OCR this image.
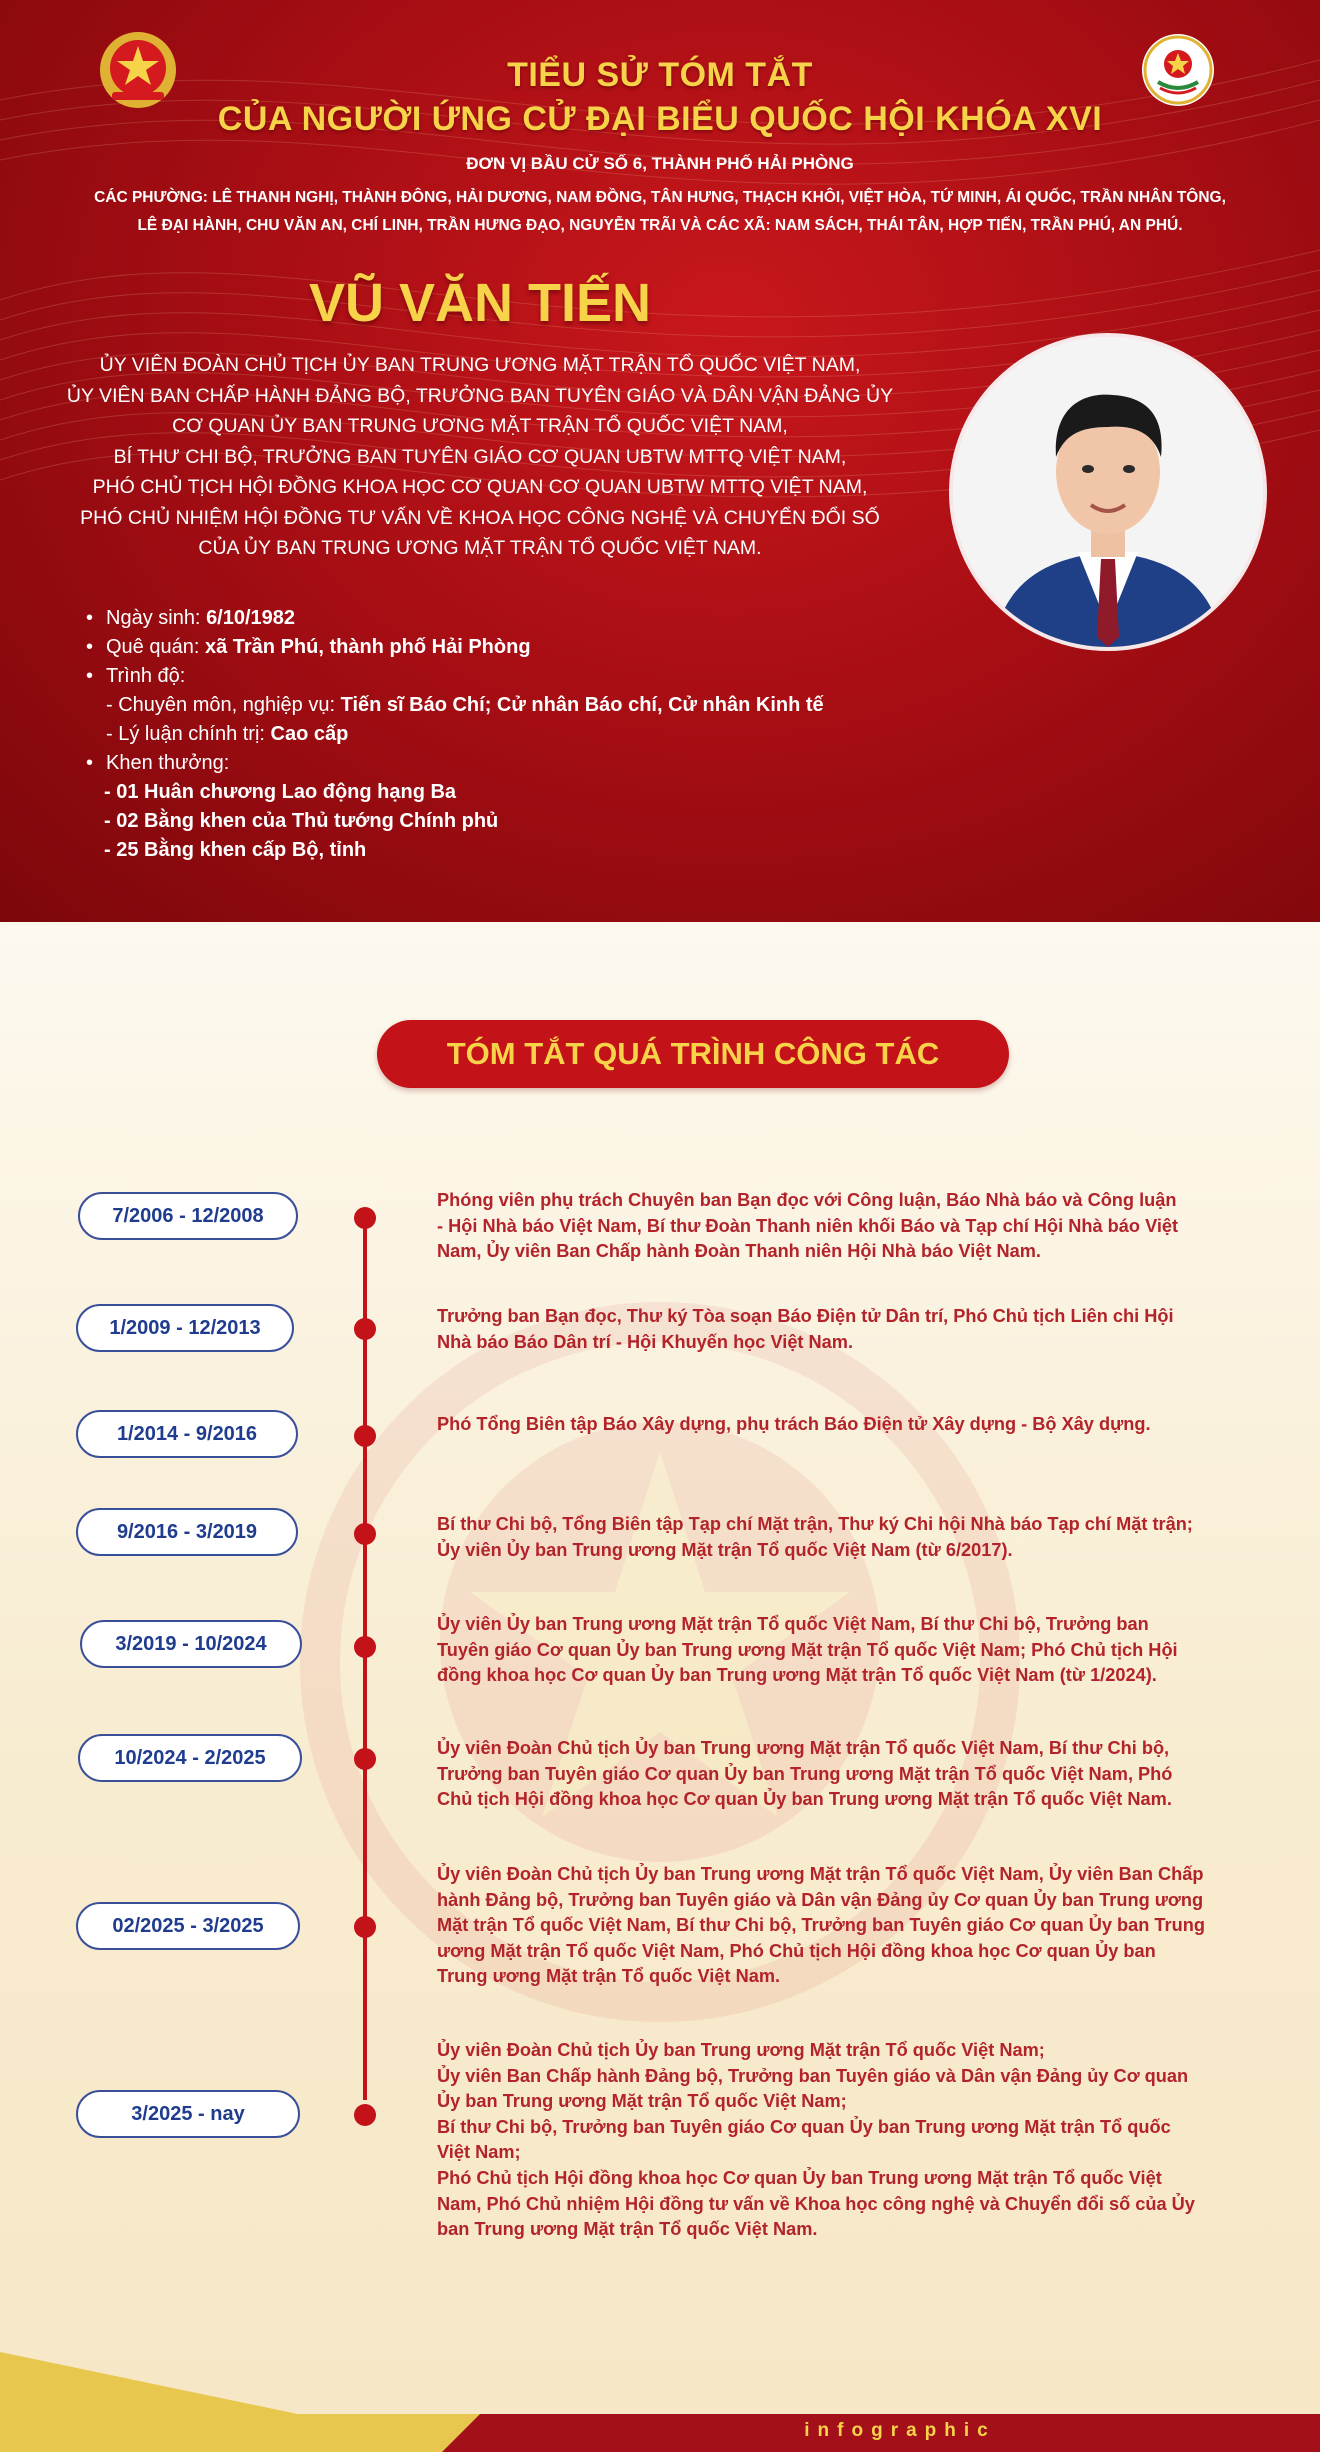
TIỂU SỬ TÓM TẮT
CỦA NGƯỜI ỨNG CỬ ĐẠI BIỂU QUỐC HỘI KHÓA XVI
ĐƠN VỊ BẦU CỬ SỐ 6, THÀNH PHỐ HẢI PHÒNG
CÁC PHƯỜNG: LÊ THANH NGHỊ, THÀNH ĐÔNG, HẢI DƯƠNG, NAM ĐỒNG, TÂN HƯNG, THẠCH KHÔI, VIỆT HÒA, TỨ MINH, ÁI QUỐC, TRẦN NHÂN TÔNG,
LÊ ĐẠI HÀNH, CHU VĂN AN, CHÍ LINH, TRẦN HƯNG ĐẠO, NGUYỄN TRÃI VÀ CÁC XÃ: NAM SÁCH, THÁI TÂN, HỢP TIẾN, TRẦN PHÚ, AN PHÚ.
VŨ VĂN TIẾN
ỦY VIÊN ĐOÀN CHỦ TỊCH ỦY BAN TRUNG ƯƠNG MẶT TRẬN TỔ QUỐC VIỆT NAM,
ỦY VIÊN BAN CHẤP HÀNH ĐẢNG BỘ, TRƯỞNG BAN TUYÊN GIÁO VÀ DÂN VẬN ĐẢNG ỦY
CƠ QUAN ỦY BAN TRUNG ƯƠNG MẶT TRẬN TỔ QUỐC VIỆT NAM,
BÍ THƯ CHI BỘ, TRƯỞNG BAN TUYÊN GIÁO CƠ QUAN UBTW MTTQ VIỆT NAM,
PHÓ CHỦ TỊCH HỘI ĐỒNG KHOA HỌC CƠ QUAN CƠ QUAN UBTW MTTQ VIỆT NAM,
PHÓ CHỦ NHIỆM HỘI ĐỒNG TƯ VẤN VỀ KHOA HỌC CÔNG NGHỆ VÀ CHUYỂN ĐỔI SỐ
CỦA ỦY BAN TRUNG ƯƠNG MẶT TRẬN TỔ QUỐC VIỆT NAM.
• Ngày sinh: 6/10/1982
• Quê quán: xã Trần Phú, thành phố Hải Phòng
• Trình độ:
- Chuyên môn, nghiệp vụ: Tiến sĩ Báo Chí; Cử nhân Báo chí, Cử nhân Kinh tế
- Lý luận chính trị: Cao cấp
• Khen thưởng:
- 01 Huân chương Lao động hạng Ba
- 02 Bằng khen của Thủ tướng Chính phủ
- 25 Bằng khen cấp Bộ, tỉnh
TÓM TẮT QUÁ TRÌNH CÔNG TÁC
7/2006 - 12/2008
Phóng viên phụ trách Chuyên ban Bạn đọc với Công luận, Báo Nhà báo và Công luận
- Hội Nhà báo Việt Nam, Bí thư Đoàn Thanh niên khối Báo và Tạp chí Hội Nhà báo Việt
Nam, Ủy viên Ban Chấp hành Đoàn Thanh niên Hội Nhà báo Việt Nam.
1/2009 - 12/2013
Trưởng ban Bạn đọc, Thư ký Tòa soạn Báo Điện tử Dân trí, Phó Chủ tịch Liên chi Hội
Nhà báo Báo Dân trí - Hội Khuyến học Việt Nam.
1/2014 - 9/2016	Phó Tổng Biên tập Báo Xây dựng, phụ trách Báo Điện tử Xây dựng - Bộ Xây dựng.
9/2016 - 3/2019	Bí thư Chi bộ, Tổng Biên tập Tạp chí Mặt trận, Thư ký Chi hội Nhà báo Tạp chí Mặt trận;
Ủy viên Ủy ban Trung ương Mặt trận Tổ quốc Việt Nam (từ 6/2017).
3/2019 - 10/2024
Ủy viên Ủy ban Trung ương Mặt trận Tổ quốc Việt Nam, Bí thư Chi bộ, Trưởng ban
Tuyên giáo Cơ quan Ủy ban Trung ương Mặt trận Tổ quốc Việt Nam; Phó Chủ tịch Hội
đồng khoa học Cơ quan Ủy ban Trung ương Mặt trận Tổ quốc Việt Nam (từ 1/2024).
10/2024 - 2/2025	Ủy viên Đoàn Chủ tịch Ủy ban Trung ương Mặt trận Tổ quốc Việt Nam, Bí thư Chi bộ,
Trưởng ban Tuyên giáo Cơ quan Ủy ban Trung ương Mặt trận Tổ quốc Việt Nam, Phó
Chủ tịch Hội đồng khoa học Cơ quan Ủy ban Trung ương Mặt trận Tổ quốc Việt Nam.
02/2025 - 3/2025
Ủy viên Đoàn Chủ tịch Ủy ban Trung ương Mặt trận Tổ quốc Việt Nam, Ủy viên Ban Chấp
hành Đảng bộ, Trưởng ban Tuyên giáo và Dân vận Đảng ủy Cơ quan Ủy ban Trung ương
Mặt trận Tổ quốc Việt Nam, Bí thư Chi bộ, Trưởng ban Tuyên giáo Cơ quan Ủy ban Trung
ương Mặt trận Tổ quốc Việt Nam, Phó Chủ tịch Hội đồng khoa học Cơ quan Ủy ban
Trung ương Mặt trận Tổ quốc Việt Nam.
3/2025 - nay
Ủy viên Đoàn Chủ tịch Ủy ban Trung ương Mặt trận Tổ quốc Việt Nam;
Ủy viên Ban Chấp hành Đảng bộ, Trưởng ban Tuyên giáo và Dân vận Đảng ủy Cơ quan
Ủy ban Trung ương Mặt trận Tổ quốc Việt Nam;
Bí thư Chi bộ, Trưởng ban Tuyên giáo Cơ quan Ủy ban Trung ương Mặt trận Tổ quốc
Việt Nam;
Phó Chủ tịch Hội đồng khoa học Cơ quan Ủy ban Trung ương Mặt trận Tổ quốc Việt
Nam, Phó Chủ nhiệm Hội đồng tư vấn về Khoa học công nghệ và Chuyển đổi số của Ủy
ban Trung ương Mặt trận Tổ quốc Việt Nam.
infographic
